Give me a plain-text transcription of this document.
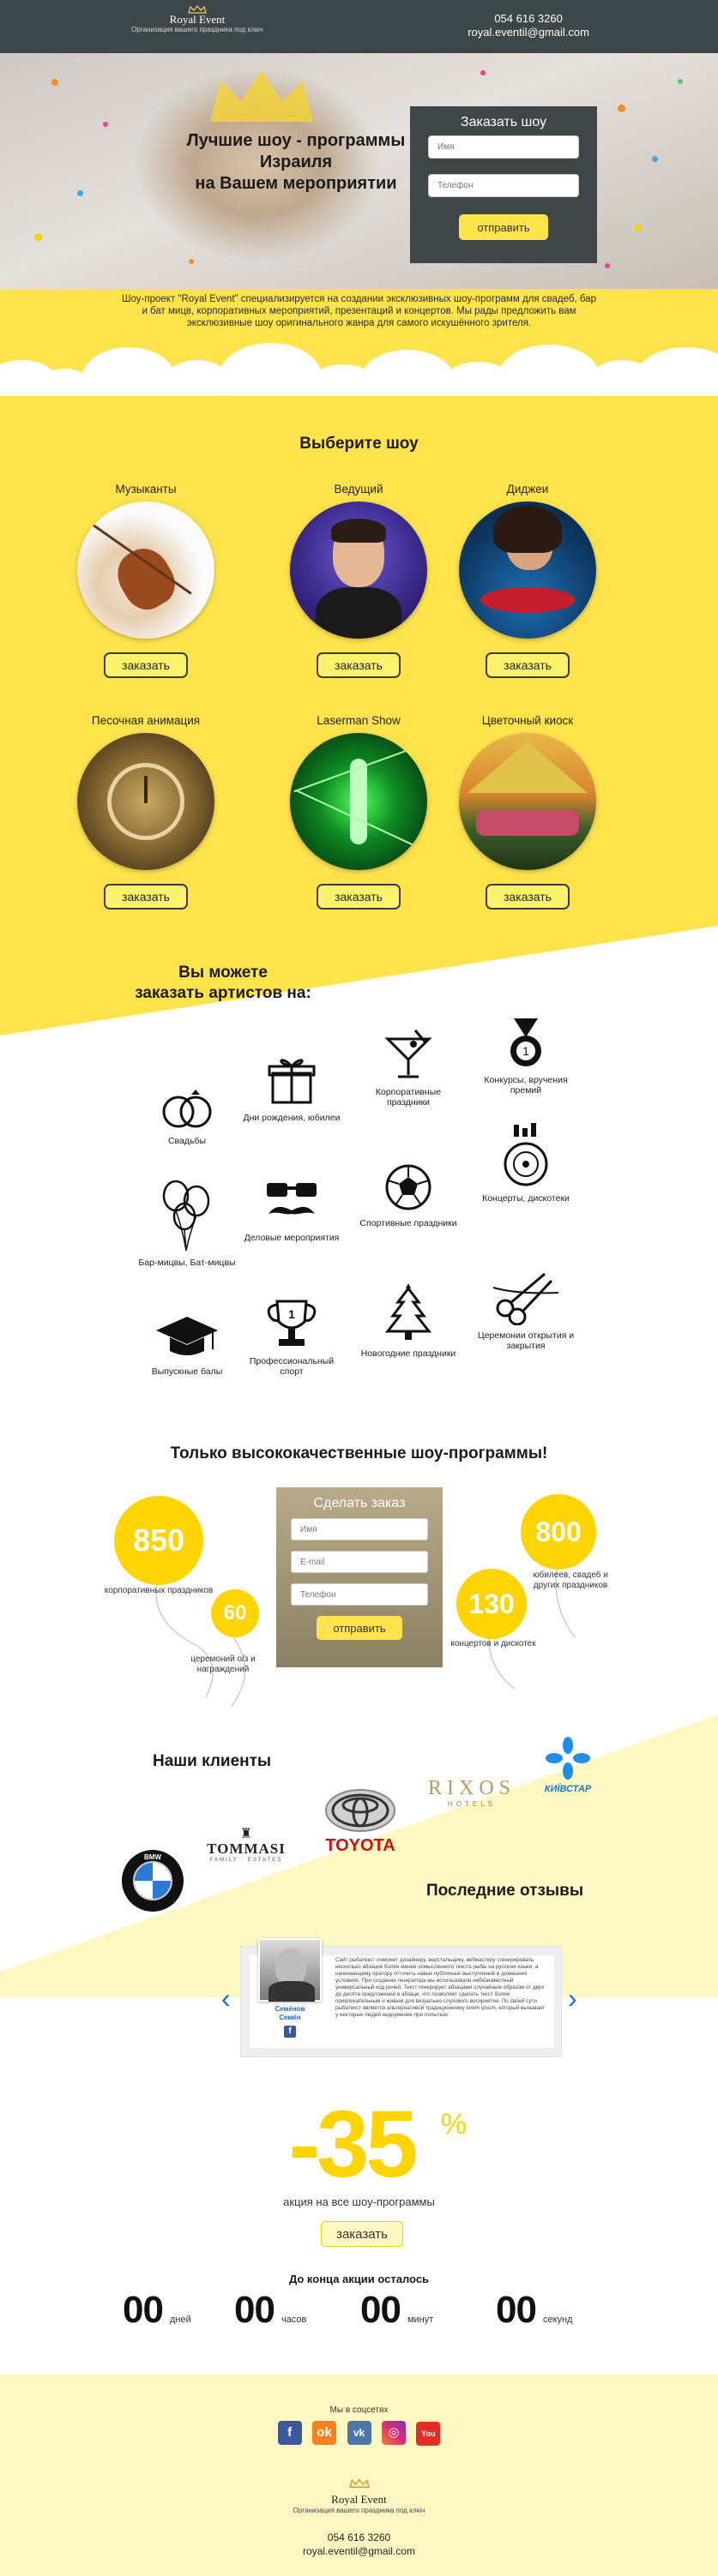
Royal Event
Организация вашего праздника под ключ
054 616 3260
royal.eventil@gmail.com
Лучшие шоу - программы
Израиля
на Вашем мероприятии
Заказать шоу
Имя
Телефон
отправить
Шоу-проект "Royal Event" специализируется на создании эксклюзивных шоу-программ для свадеб, бар и бат мицв, корпоративных мероприятий, презентаций и концертов. Мы рады предложить вам эксклюзивные шоу оригинального жанра для самого искушённого зрителя.
Выберите шоу
Музыканты
заказать
Ведущий
заказать
Диджеи
заказать
Песочная анимация
заказать
Laserman Show
заказать
Цветочный киоск
заказать
Вы можете
заказать артистов на:
Свадьбы
Дни рождения, юбилеи
Корпоративные праздники
1
Конкурсы, вручения премий
Бар-мицвы, Бат-мицвы
Деловые мероприятия
Спортивные праздники
Концерты, дискотеки
Выпускные балы
1
Профессиональный спорт
Новогодние праздники
Церемонии открытия и закрытия
Только высококачественные шоу-программы!
850
корпоративных праздников
60
церемоний о/з и награждений
130
концертов и дискотек
800
юбилеев, свадеб и других праздников
Сделать заказ
Имя
E-mail
Телефон
отправить
Наши клиенты
BMW
♜
TOMMASI
FAMILY · ESTATES
TOYOTA
RIXOS
HOTELS
КИЇВСТАР
Последние отзывы
‹	›
Семёнов
Семён
f
Сайт рыбатекст поможет дизайнеру, верстальщику, вебмастеру сгенерировать несколько абзацев более менее осмысленного текста рыбы на русском языке, а начинающему оратору отточить навык публичных выступлений в домашних условиях. При создании генератора мы использовали небезизвестный универсальный код речей. Текст генерирует абзацами случайным образом от двух до десяти предложений в абзаце, что позволяет сделать текст более привлекательным и живым для визуально-слухового восприятия. По своей сути рыбатекст является альтернативой традиционному lorem ipsum, который вызывает у некторых людей недоумение при попытках
-35 %
акция на все шоу-программы
заказать
До конца акции осталось
00 дней 00 часов 00 минут 00 секунд
Мы в соцсетях
f ok vk ◎	You
Royal Event
Организация вашего праздника под ключ
054 616 3260
royal.eventil@gmail.com
